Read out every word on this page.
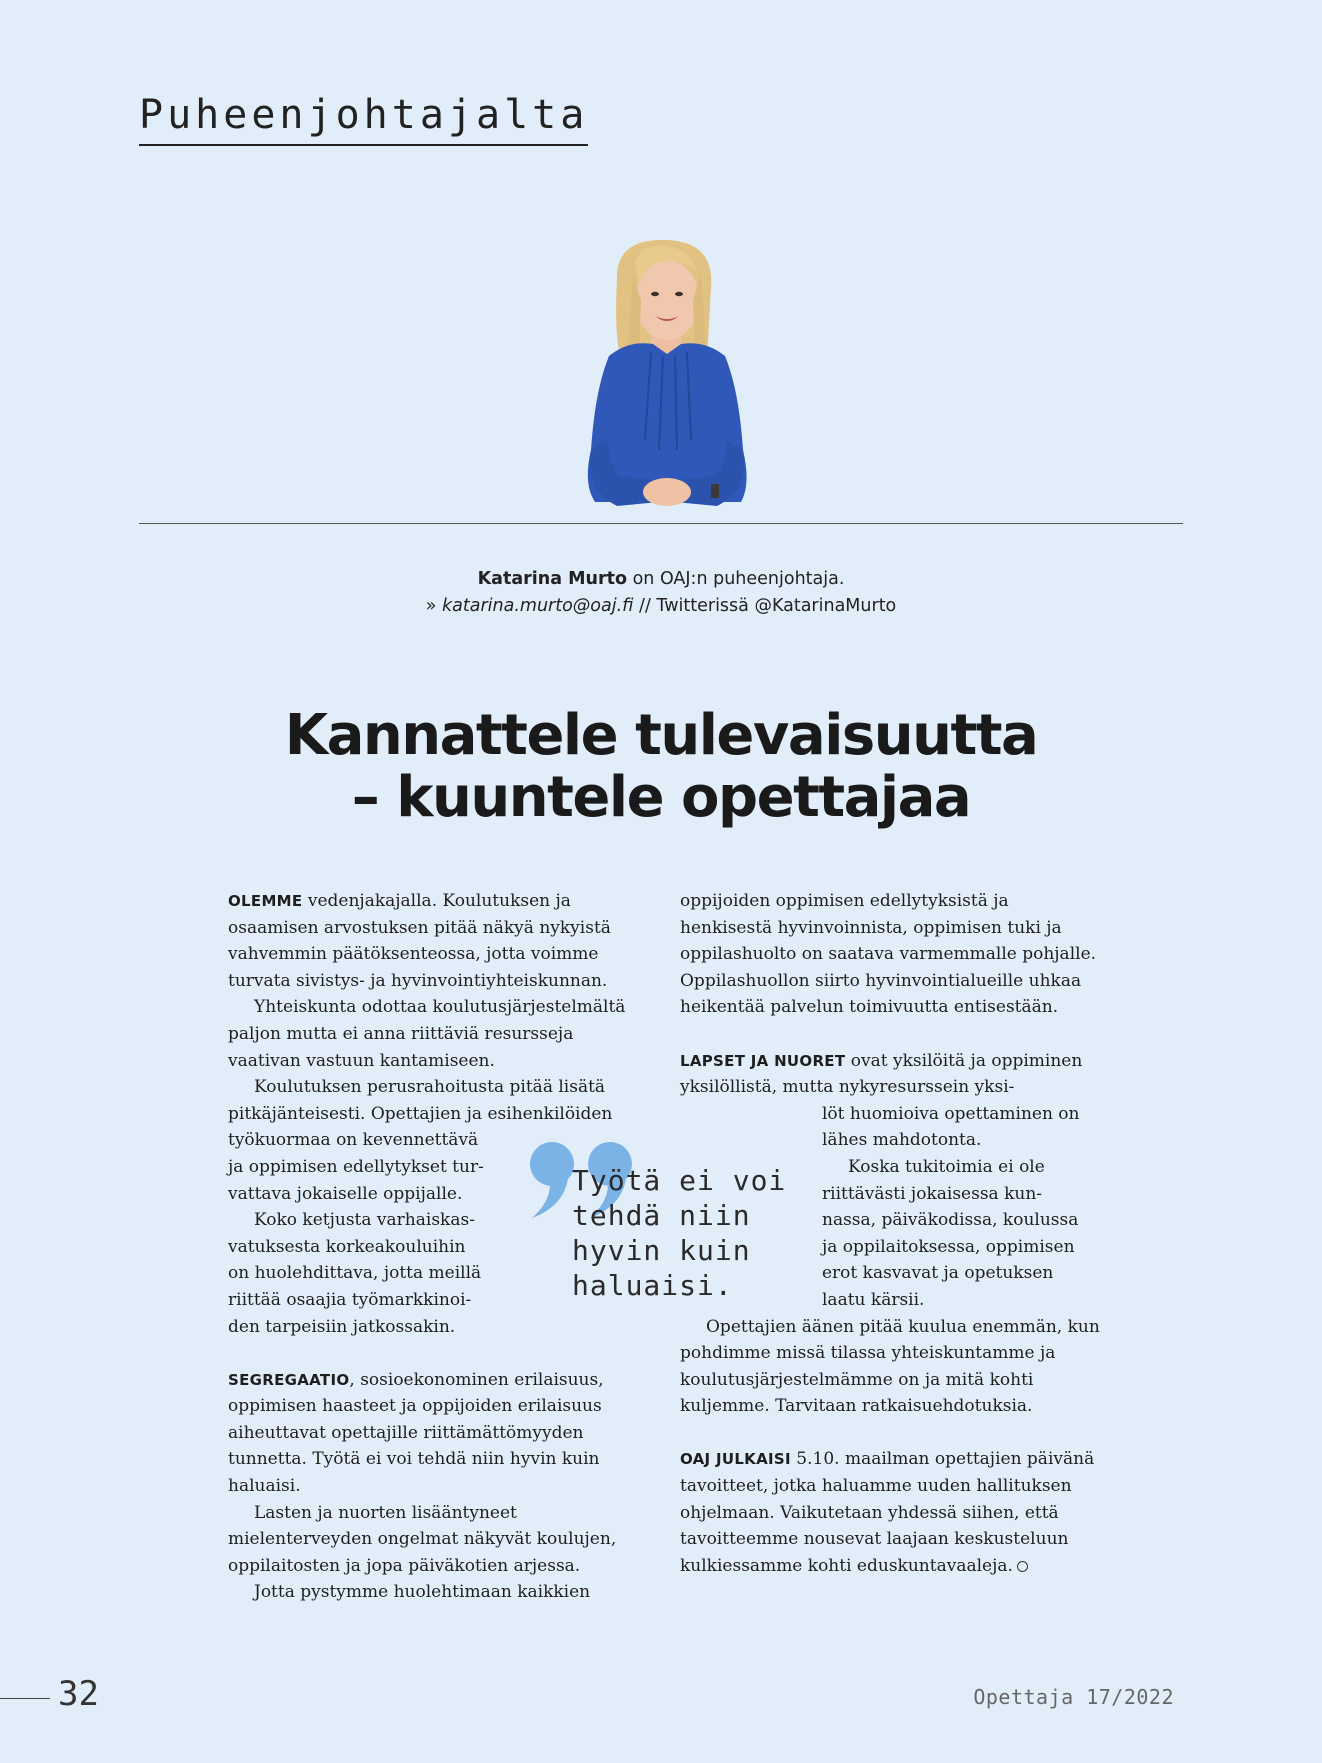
Puheenjohtajalta
Katarina Murto on OAJ:n puheenjohtaja.
» katarina.murto@oaj.fi // Twitterissä @KatarinaMurto
Kannattele tulevaisuutta
– kuuntele opettajaa

OLEMME vedenjakajalla. Koulutuksen ja osaamisen arvostuksen pitää näkyä nykyistä vahvemmin päätöksenteossa, jotta voimme turvata sivistys- ja hyvinvointiyhteiskunnan.

Yhteiskunta odottaa koulutusjärjestelmältä paljon mutta ei anna riittäviä resursseja vaativan vastuun kantamiseen.

Koulutuksen perusrahoitusta pitää lisätä pitkäjänteisesti. Opettajien ja esihenkilöiden
työkuormaa on kevennettävä
ja oppimisen edellytykset tur-
vattava jokaiselle oppijalle.

Koko ketjusta varhaiskas-
vatuksesta korkeakouluihin
on huolehdittava, jotta meillä
riittää osaajia työmarkkinoi-
den tarpeisiin jatkossakin.

SEGREGAATIO, sosioekonominen erilaisuus, oppimisen haasteet ja oppijoiden erilaisuus aiheuttavat opettajille riittämättömyyden tunnetta. Työtä ei voi tehdä niin hyvin kuin haluaisi.

Lasten ja nuorten lisääntyneet mielenterveyden ongelmat näkyvät koulujen, oppilaitosten ja jopa päiväkotien arjessa.

Jotta pystymme huolehtimaan kaikkien

oppijoiden oppimisen edellytyksistä ja henkisestä hyvinvoinnista, oppimisen tuki ja oppilashuolto on saatava varmemmalle pohjalle. Oppilashuollon siirto hyvinvointialueille uhkaa heikentää palvelun toimivuutta entisestään.

LAPSET JA NUORET ovat yksilöitä ja oppiminen yksilöllistä, mutta nykyresurssein yksi-
löt huomioiva opettaminen on
lähes mahdotonta.

Koska tukitoimia ei ole
riittävästi jokaisessa kun-
nassa, päiväkodissa, koulussa
ja oppilaitoksessa, oppimisen
erot kasvavat ja opetuksen
laatu kärsii.

Opettajien äänen pitää kuulua enemmän, kun pohdimme missä tilassa yhteiskuntamme ja koulutusjärjestelmämme on ja mitä kohti kuljemme. Tarvitaan ratkaisuehdotuksia.

OAJ JULKAISI 5.10. maailman opettajien päivänä tavoitteet, jotka haluamme uuden hallituksen ohjelmaan. Vaikutetaan yhdessä siihen, että tavoitteemme nousevat laajaan keskusteluun kulkiessamme kohti eduskuntavaaleja.

Työtä ei voi tehdä niin hyvin kuin haluaisi.
32	Opettaja 17/2022
